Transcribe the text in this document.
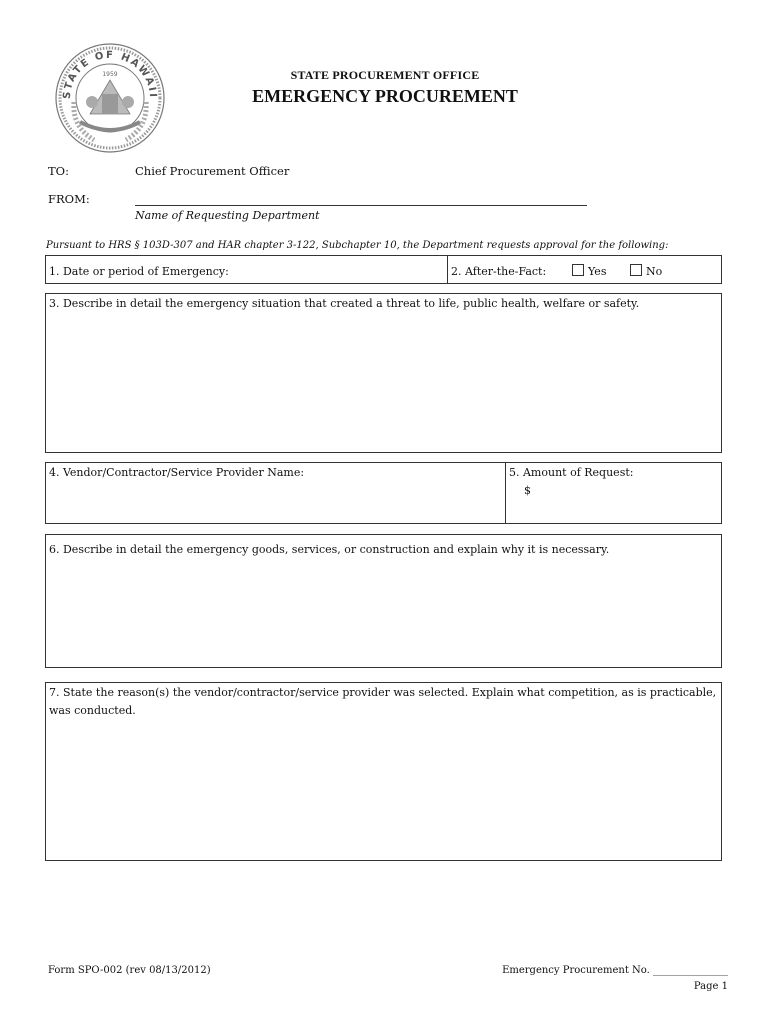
STATE OF HAWAII
1959	STATE PROCUREMENT OFFICE
EMERGENCY PROCUREMENT
TO:	Chief Procurement Officer
FROM:
Name of Requesting Department
Pursuant to HRS § 103D-307 and HAR chapter 3-122, Subchapter 10, the Department requests approval for the following:
1. Date or period of Emergency:	2. After-the-Fact:	Yes	No
3. Describe in detail the emergency situation that created a threat to life, public health, welfare or safety.
4. Vendor/Contractor/Service Provider Name:	5. Amount of Request:
$
6. Describe in detail the emergency goods, services, or construction and explain why it is necessary.
7. State the reason(s) the vendor/contractor/service provider was selected. Explain what competition, as is practicable, was conducted.
Form SPO-002 (rev 08/13/2012)	Emergency Procurement No. _______________
Page 1
